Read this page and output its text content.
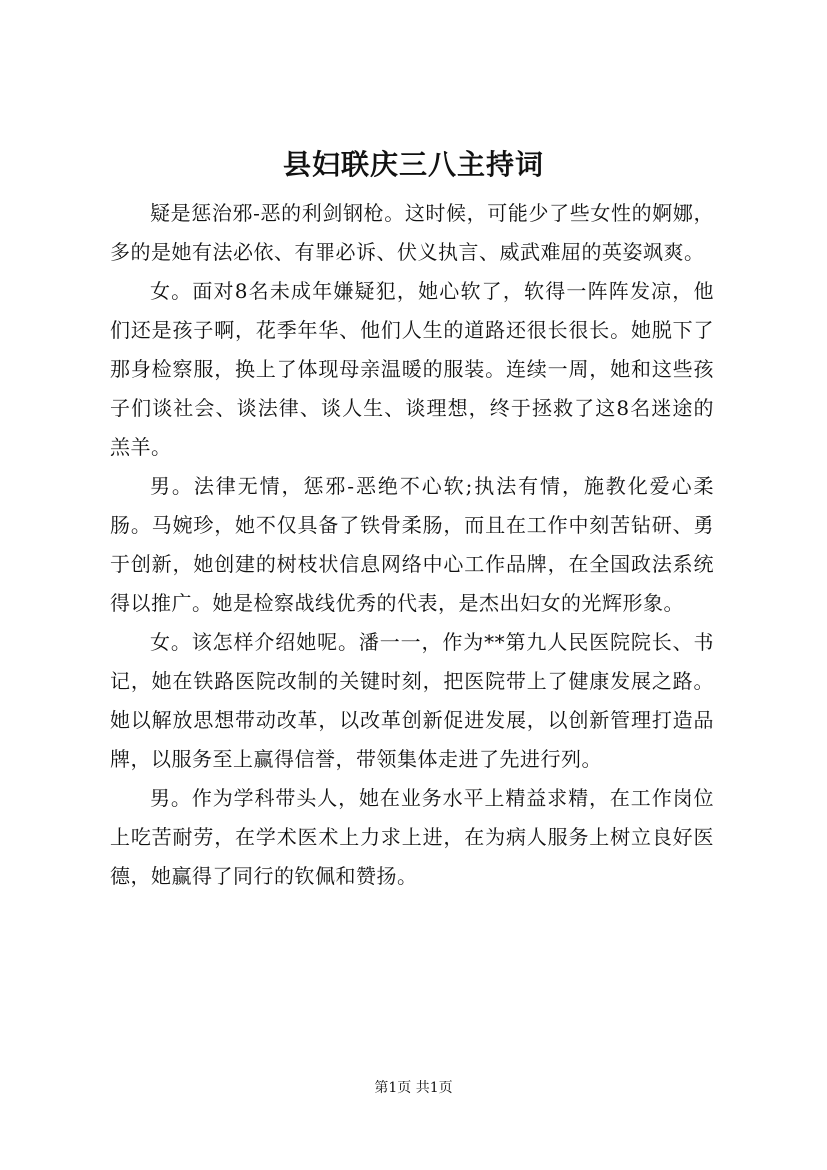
县妇联庆三八主持词

疑是惩治邪-恶的利剑钢枪。这时候，可能少了些女性的婀娜，多的是她有法必依、有罪必诉、伏义执言、威武难屈的英姿飒爽。

女。面对8名未成年嫌疑犯，她心软了，软得一阵阵发凉，他们还是孩子啊，花季年华、他们人生的道路还很长很长。她脱下了那身检察服，换上了体现母亲温暖的服装。连续一周，她和这些孩子们谈社会、谈法律、谈人生、谈理想，终于拯救了这8名迷途的羔羊。

男。法律无情，惩邪-恶绝不心软;执法有情，施教化爱心柔肠。马婉珍，她不仅具备了铁骨柔肠，而且在工作中刻苦钻研、勇于创新，她创建的树枝状信息网络中心工作品牌，在全国政法系统得以推广。她是检察战线优秀的代表，是杰出妇女的光辉形象。

女。该怎样介绍她呢。潘一一，作为**第九人民医院院长、书记，她在铁路医院改制的关键时刻，把医院带上了健康发展之路。她以解放思想带动改革，以改革创新促进发展，以创新管理打造品牌，以服务至上赢得信誉，带领集体走进了先进行列。

男。作为学科带头人，她在业务水平上精益求精，在工作岗位上吃苦耐劳，在学术医术上力求上进，在为病人服务上树立良好医德，她赢得了同行的钦佩和赞扬。

第1页 共1页
